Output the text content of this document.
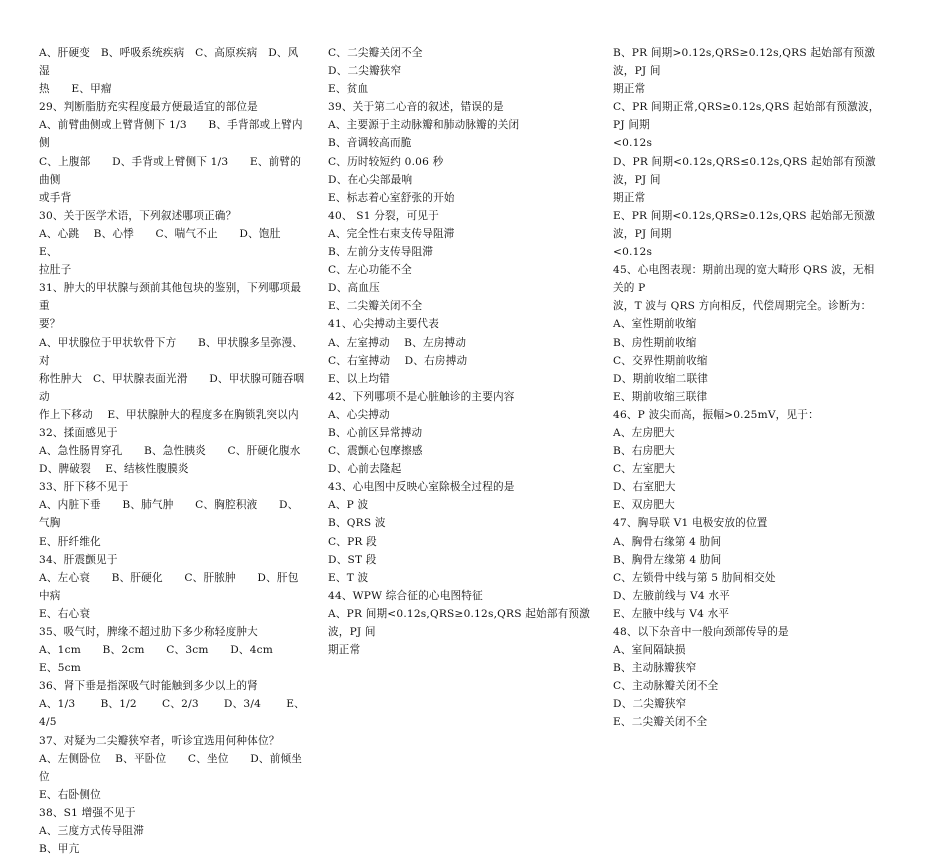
A、肝硬变　B、呼吸系统疾病　C、高原疾病　D、风湿
热　　E、甲瘤
29、判断脂肪充实程度最方便最适宜的部位是
A、前臂曲侧或上臂背侧下 1/3　　B、手背部或上臂内侧
C、上腹部　　D、手背或上臂侧下 1/3　　E、前臂的曲侧
或手背
30、关于医学术语，下列叙述哪项正确？
A、心跳　 B、心悸　　C、喘气不止　　D、饱肚　　E、
拉肚子
31、肿大的甲状腺与颈前其他包块的鉴别，下列哪项最重
要？
A、甲状腺位于甲状软骨下方　　B、甲状腺多呈弥漫、对
称性肿大　C、甲状腺表面光滑　　D、甲状腺可随吞咽动
作上下移动　 E、甲状腺肿大的程度多在胸锁乳突以内
32、揉面感见于
A、急性肠胃穿孔　　B、急性胰炎　　C、肝硬化腹水
D、脾破裂　 E、结核性腹膜炎
33、肝下移不见于
A、内脏下垂　　B、肺气肿　　C、胸腔积液　　D、气胸
E、肝纤维化
34、肝震颤见于
A、左心衰　　B、肝硬化　　C、肝脓肿　　D、肝包中病
E、右心衰
35、吸气时，脾缘不超过肋下多少称轻度肿大
A、1cm　　B、2cm　　C、3cm　　D、4cm　　E、5cm
36、肾下垂是指深吸气时能触到多少以上的肾
A、1/3　　 B、1/2　　 C、2/3　　 D、3/4　　 E、4/5
37、对疑为二尖瓣狭窄者，听诊宜选用何种体位？
A、左侧卧位　 B、平卧位　　C、坐位　　D、前倾坐位
E、右卧侧位
38、S1 增强不见于
A、三度方式传导阻滞
B、甲亢
C、二尖瓣关闭不全
D、二尖瓣狭窄
E、贫血
39、关于第二心音的叙述，错误的是
A、主要源于主动脉瓣和肺动脉瓣的关闭
B、音调较高而脆
C、历时较短约 0.06 秒
D、在心尖部最响
E、标志着心室舒张的开始
40、 S1 分裂，可见于
A、完全性右束支传导阻滞
B、左前分支传导阻滞
C、左心功能不全
D、高血压
E、二尖瓣关闭不全
41、心尖搏动主要代表
A、左室搏动　 B、左房搏动
C、右室搏动　 D、右房搏动
E、以上均错
42、下列哪项不是心脏触诊的主要内容
A、心尖搏动
B、心前区异常搏动
C、震颤心包摩擦感
D、心前去隆起
43、心电图中反映心室除极全过程的是
A、P 波
B、QRS 波
C、PR 段
D、ST 段
E、T 波
44、WPW 综合征的心电图特征
A、PR 间期<0.12s,QRS≥0.12s,QRS 起始部有预激波，PJ 间
期正常
B、PR 间期>0.12s,QRS≥0.12s,QRS 起始部有预激波，PJ 间
期正常
C、PR 间期正常,QRS≥0.12s,QRS 起始部有预激波，PJ 间期
<0.12s
D、PR 间期<0.12s,QRS≤0.12s,QRS 起始部有预激波，PJ 间
期正常
E、PR 间期<0.12s,QRS≥0.12s,QRS 起始部无预激波，PJ 间期
<0.12s
45、心电图表现：期前出现的宽大畸形 QRS 波，无相关的 P
波，T 波与 QRS 方向相反，代偿周期完全。诊断为：
A、室性期前收缩
B、房性期前收缩
C、交界性期前收缩
D、期前收缩二联律
E、期前收缩三联律
46、P 波尖而高，振幅>0.25mV，见于：
A、左房肥大
B、右房肥大
C、左室肥大
D、右室肥大
E、双房肥大
47、胸导联 V1 电极安放的位置
A、胸骨右缘第 4 肋间
B、胸骨左缘第 4 肋间
C、左锁骨中线与第 5 肋间相交处
D、左腋前线与 V4 水平
E、左腋中线与 V4 水平
48、以下杂音中一般向颈部传导的是
A、室间隔缺损
B、主动脉瓣狭窄
C、主动脉瓣关闭不全
D、二尖瓣狭窄
E、二尖瓣关闭不全
